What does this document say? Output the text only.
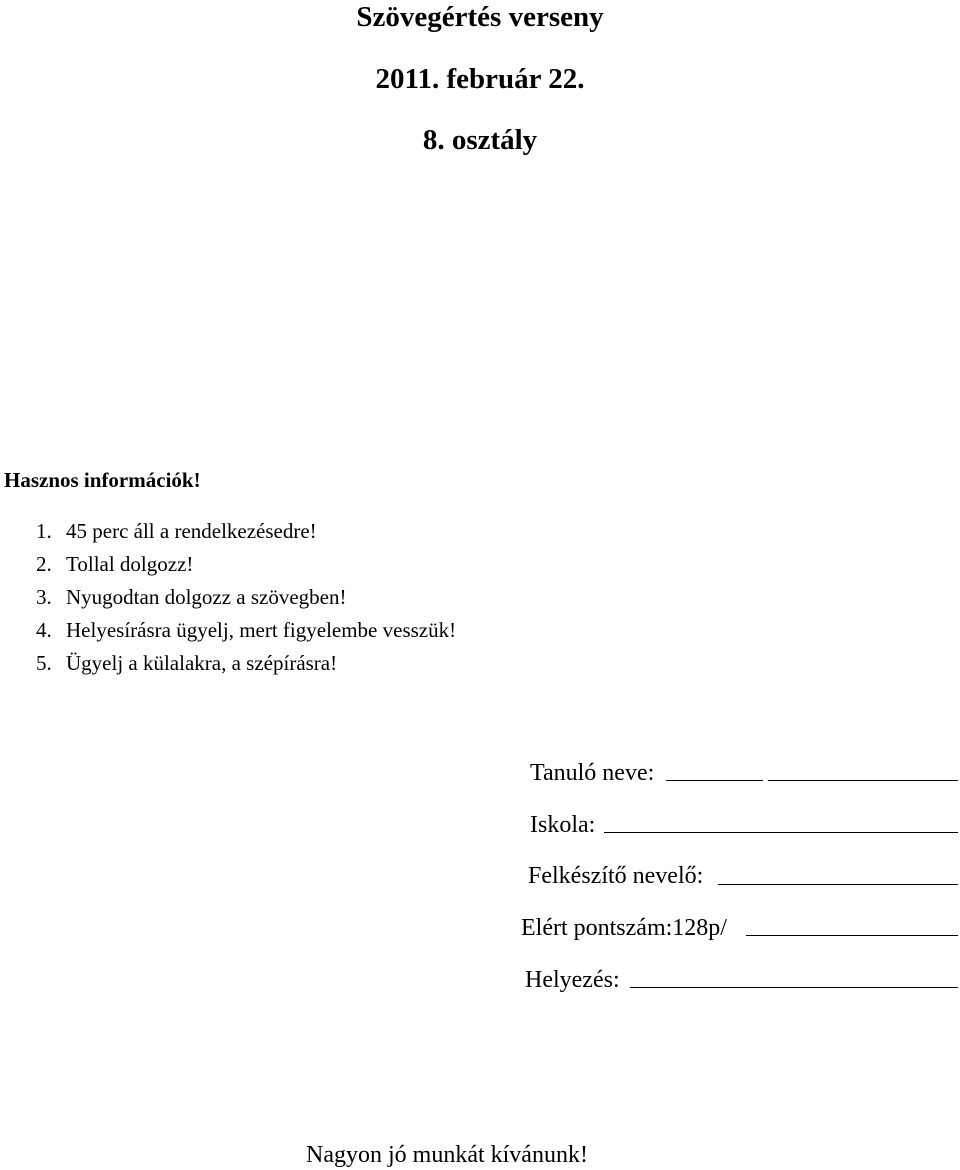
Szövegértés verseny
2011. február 22.
8. osztály
Hasznos információk!
1. 45 perc áll a rendelkezésedre!
2. Tollal dolgozz!
3. Nyugodtan dolgozz a szövegben!
4. Helyesírásra ügyelj, mert figyelembe vesszük!
5. Ügyelj a külalakra, a szépírásra!
Tanuló neve:
Iskola:
Felkészítő nevelő:
Elért pontszám:128p/
Helyezés:
Nagyon jó munkát kívánunk!
